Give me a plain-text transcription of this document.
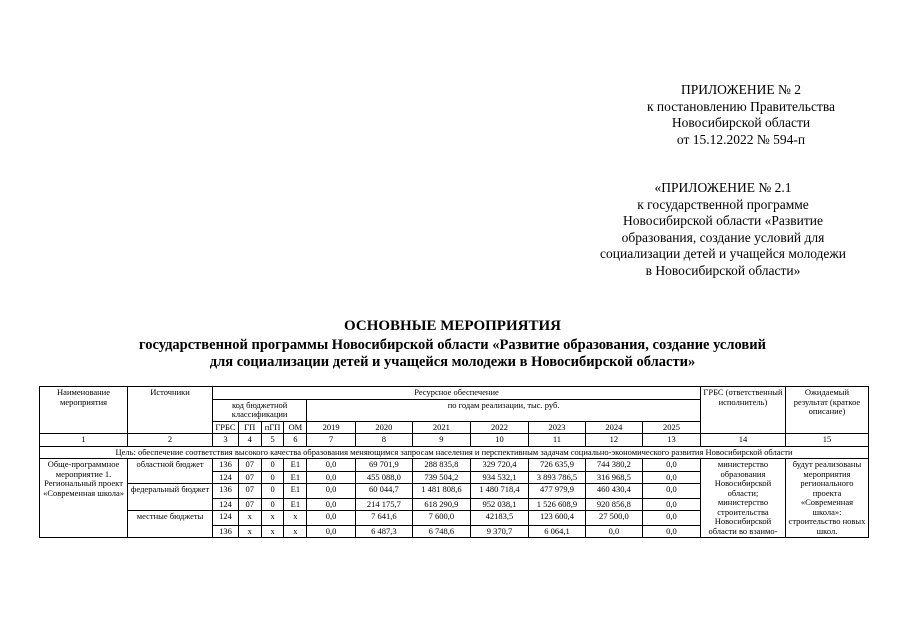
ПРИЛОЖЕНИЕ № 2
к постановлению Правительства
Новосибирской области
от 15.12.2022 № 594-п
«ПРИЛОЖЕНИЕ № 2.1
к государственной программе
Новосибирской области «Развитие
образования, создание условий для
социализации детей и учащейся молодежи
в Новосибирской области»
ОСНОВНЫЕ МЕРОПРИЯТИЯ
государственной программы Новосибирской области «Развитие образования, создание условий
для социализации детей и учащейся молодежи в Новосибирской области»
Наименование мероприятия	Источники	Ресурсное обеспечение											ГРБС (ответственный исполнитель)	Ожидаемый результат (краткое описание)
		код бюджетной классификации				по годам реализации, тыс. руб.								
		ГРБС	ГП	пГП	ОМ	2019	2020	2021	2022	2023	2024	2025		
1	2	3	4	5	6	7	8	9	10	11	12	13	14	15
Цель: обеспечение соответствия высокого качества образования меняющимся запросам населения и перспективным задачам социально-экономического развития Новосибирской области														
Обще-программное мероприятие 1. Региональный проект «Современная школа»	областной бюджет	136	07	0	E1	0,0	69 701,9	288 835,8	329 720,4	726 635,9	744 380,2	0,0	министерство образования Новосибирской области; министерство строительства Новосибирской области во взаимо-	будут реализованы мероприятия регионального проекта «Современная школа»: строительство новых школ.
		124	07	0	E1	0,0	455 088,0	739 504,2	934 532,1	3 893 786,5	316 968,5	0,0		
	федеральный бюджет	136	07	0	E1	0,0	60 044,7	1 481 808,6	1 480 718,4	477 979,9	460 430,4	0,0		
		124	07	0	E1	0,0	214 175,7	618 290,9	952 038,1	1 526 608,9	920 856,8	0,0		
	местные бюджеты	124	x	x	x	0,0	7 641,6	7 600,0	42183,5	123 600,4	27 500,0	0,0		
		136	x	x	x	0,0	6 487,3	6 748,6	9 370,7	6 064,1	0,0	0,0		
